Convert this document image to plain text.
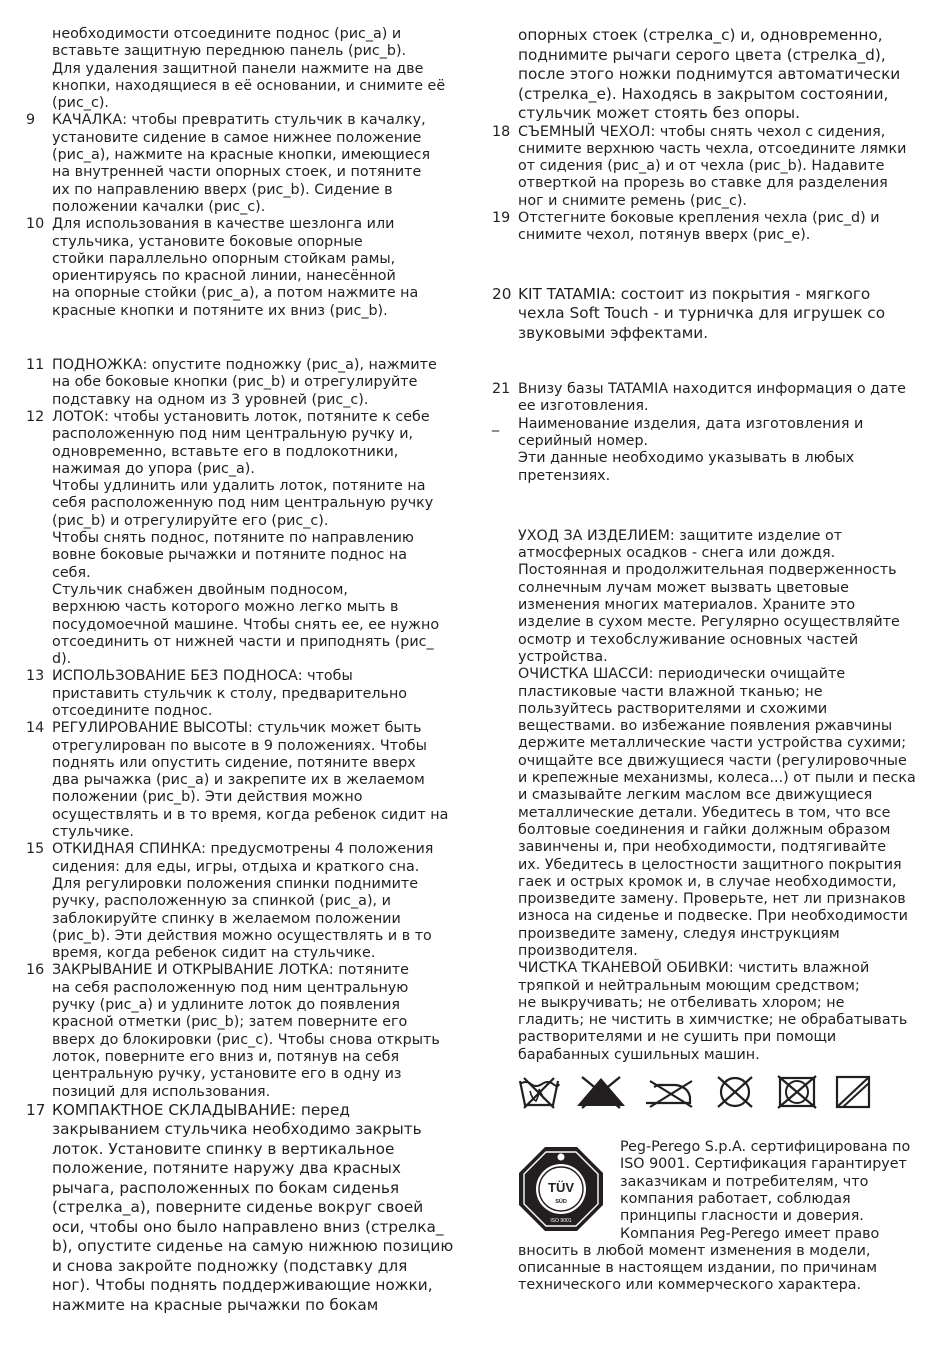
необходимости отсоедините поднос (рис_a) и
вставьте защитную переднюю панель (рис_b).
Для удаления защитной панели нажмите на две
кнопки, находящиеся в её основании, и снимите её
(рис_c).

9	КАЧАЛКА: чтобы превратить стульчик в качалку,
установите сидение в самое нижнее положение
(рис_a), нажмите на красные кнопки, имеющиеся
на внутренней части опорных стоек, и потяните
их по направлению вверх (рис_b). Сидение в
положении качалки (рис_c).

10 Для использования в качестве шезлонга или
стульчика, установите боковые опорные
стойки параллельно опорным стойкам рамы,
ориентируясь по красной линии, нанесённой
на опорные стойки (рис_a), а потом нажмите на
красные кнопки и потяните их вниз (рис_b).

11 ПОДНОЖКА: опустите подножку (рис_a), нажмите
на обе боковые кнопки (рис_b) и отрегулируйте
подставку на одном из 3 уровней (рис_c).

12 ЛОТОК: чтобы установить лоток, потяните к себе
расположенную под ним центральную ручку и,
одновременно, вставьте его в подлокотники,
нажимая до упора (рис_a).
Чтобы удлинить или удалить лоток, потяните на
себя расположенную под ним центральную ручку
(рис_b) и отрегулируйте его (рис_c).
Чтобы снять поднос, потяните по направлению
вовне боковые рычажки и потяните поднос на
себя.
Стульчик снабжен двойным подносом,
верхнюю часть которого можно легко мыть в
посудомоечной машине. Чтобы снять ее, ее нужно
отсоединить от нижней части и приподнять (рис_
d).

13 ИСПОЛЬЗОВАНИЕ БЕЗ ПОДНОСА: чтобы
приставить стульчик к столу, предварительно
отсоедините поднос.

14 РЕГУЛИРОВАНИЕ ВЫСОТЫ: стульчик может быть
отрегулирован по высоте в 9 положениях. Чтобы
поднять или опустить сидение, потяните вверх
два рычажка (рис_a) и закрепите их в желаемом
положении (рис_b). Эти действия можно
осуществлять и в то время, когда ребенок сидит на
стульчике.

15 ОТКИДНАЯ СПИНКА: предусмотрены 4 положения
сидения: для еды, игры, отдыха и краткого сна.
Для регулировки положения спинки поднимите
ручку, расположенную за спинкой (рис_a), и
заблокируйте спинку в желаемом положении
(рис_b). Эти действия можно осуществлять и в то
время, когда ребенок сидит на стульчике.

16 ЗАКРЫВАНИЕ И ОТКРЫВАНИЕ ЛОТКА: потяните
на себя расположенную под ним центральную
ручку (рис_a) и удлините лоток до появления
красной отметки (рис_b); затем поверните его
вверх до блокировки (рис_c). Чтобы снова открыть
лоток, поверните его вниз и, потянув на себя
центральную ручку, установите его в одну из
позиций для использования.

17 КОМПАКТНОЕ СКЛАДЫВАНИЕ: перед
закрыванием стульчика необходимо закрыть
лоток. Установите спинку в вертикальное
положение, потяните наружу два красных
рычага, расположенных по бокам сиденья
(стрелка_a), поверните сиденье вокруг своей
оси, чтобы оно было направлено вниз (стрелка_
b), опустите сиденье на самую нижнюю позицию
и снова закройте подножку (подставку для
ног). Чтобы поднять поддерживающие ножки,
нажмите на красные рычажки по бокам

опорных стоек (стрелка_c) и, одновременно,
поднимите рычаги серого цвета (стрелка_d),
после этого ножки поднимутся автоматически
(стрелка_e). Находясь в закрытом состоянии,
стульчик может стоять без опоры.

18 СЪЕМНЫЙ ЧЕХОЛ: чтобы снять чехол с сидения,
снимите верхнюю часть чехла, отсоедините лямки
от сидения (рис_a) и от чехла (рис_b). Надавите
отверткой на прорезь во ставке для разделения
ног и снимите ремень (рис_c).

19 Отстегните боковые крепления чехла (рис_d) и
снимите чехол, потянув вверх (рис_e).

20 KIT TATAMIA: состоит из покрытия - мягкого
чехла Soft Touch - и турничка для игрушек со
звуковыми эффектами.

21 Внизу базы TATAMIA находится информация о дате
ее изготовления.

_	Наименование изделия, дата изготовления и
серийный номер.
Эти данные необходимо указывать в любых
претензиях.

УХОД ЗА ИЗДЕЛИЕМ: защитите изделие от
атмосферных осадков - снега или дождя.
Постоянная и продолжительная подверженность
солнечным лучам может вызвать цветовые
изменения многих материалов. Храните это
изделие в сухом месте. Регулярно осуществляйте
осмотр и техобслуживание основных частей
устройства.
ОЧИСТКА ШАССИ: периодически очищайте
пластиковые части влажной тканью; не
пользуйтесь растворителями и схожими
веществами. во избежание появления ржавчины
держите металлические части устройства сухими;
очищайте все движущиеся части (регулировочные
и крепежные механизмы, колеса...) от пыли и песка
и смазывайте легким маслом все движущиеся
металлические детали. Убедитесь в том, что все
болтовые соединения и гайки должным образом
завинчены и, при необходимости, подтягивайте
их. Убедитесь в целостности защитного покрытия
гаек и острых кромок и, в случае необходимости,
произведите замену. Проверьте, нет ли признаков
износа на сиденье и подвеске. При необходимости
произведите замену, следуя инструкциям
производителя.
ЧИСТКА ТКАНЕВОЙ ОБИВКИ: чистить влажной
тряпкой и нейтральным моющим средством;
не выкручивать; не отбеливать хлором; не
гладить; не чистить в химчистке; не обрабатывать
растворителями и не сушить при помощи
барабанных сушильных машин.

TÜV
SÜD
ISO 9001
Peg-Perego S.p.A. сертифицирована по
ISO 9001. Сертификация гарантирует
заказчикам и потребителям, что
компания работает, соблюдая
принципы гласности и доверия.
Компания Peg-Perego имеет право
вносить в любой момент изменения в модели,
описанные в настоящем издании, по причинам
технического или коммерческого характера.
